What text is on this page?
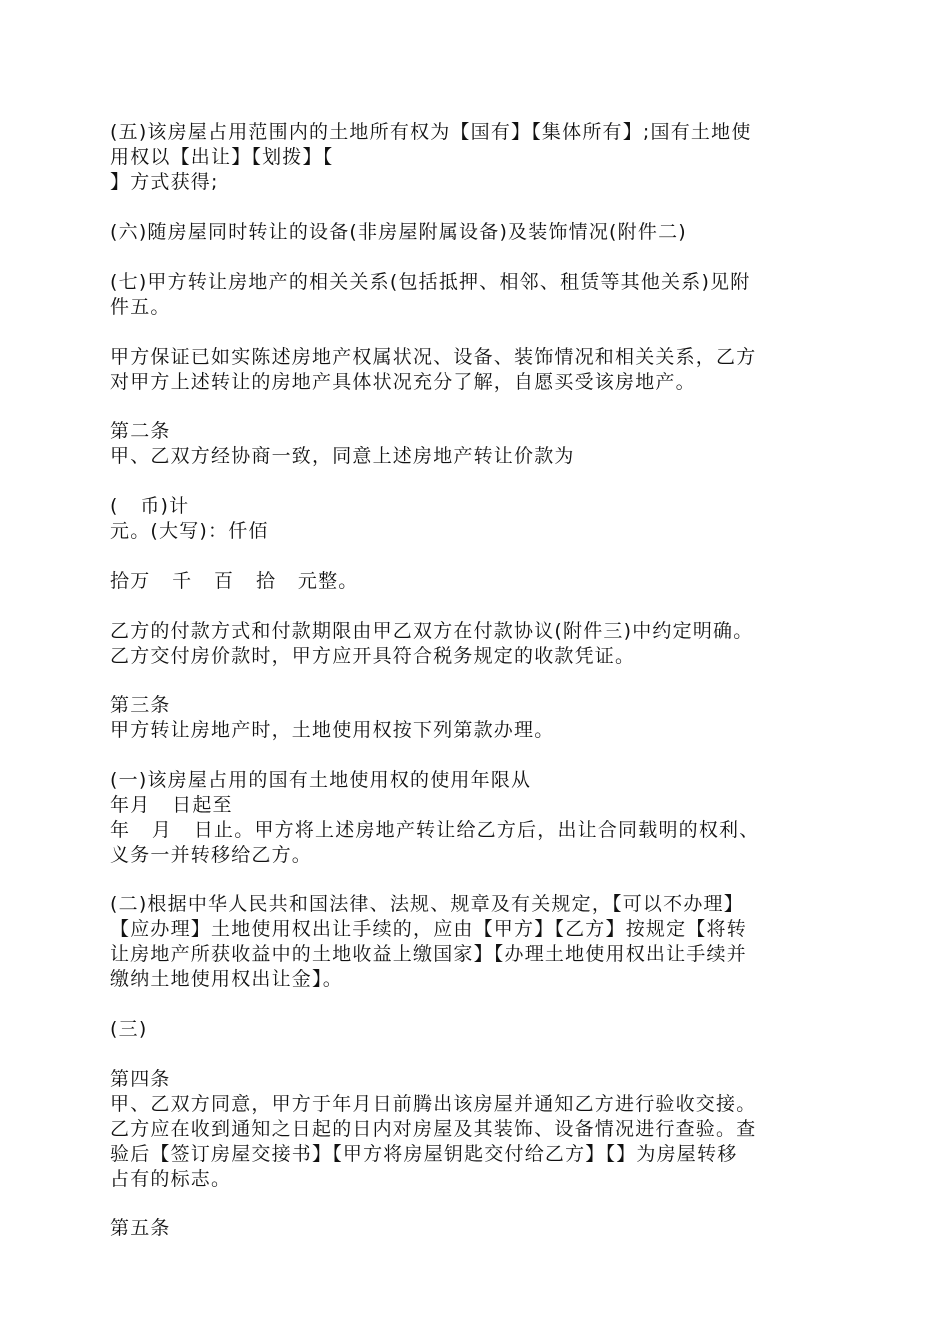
(五)该房屋占用范围内的土地所有权为【国有】【集体所有】;国有土地使
用权以【出让】【划拨】【
】方式获得;
(六)随房屋同时转让的设备(非房屋附属设备)及装饰情况(附件二)
(七)甲方转让房地产的相关关系(包括抵押、相邻、租赁等其他关系)见附
件五。
甲方保证已如实陈述房地产权属状况、设备、装饰情况和相关关系，乙方
对甲方上述转让的房地产具体状况充分了解，自愿买受该房地产。
第二条
甲、乙双方经协商一致，同意上述房地产转让价款为
(   币)计
元。(大写)：仟佰
拾万   千   百   拾   元整。
乙方的付款方式和付款期限由甲乙双方在付款协议(附件三)中约定明确。
乙方交付房价款时，甲方应开具符合税务规定的收款凭证。
第三条
甲方转让房地产时，土地使用权按下列第款办理。
(一)该房屋占用的国有土地使用权的使用年限从
年月   日起至
年   月   日止。甲方将上述房地产转让给乙方后，出让合同载明的权利、
义务一并转移给乙方。
(二)根据中华人民共和国法律、法规、规章及有关规定，【可以不办理】
【应办理】土地使用权出让手续的，应由【甲方】【乙方】按规定【将转
让房地产所获收益中的土地收益上缴国家】【办理土地使用权出让手续并
缴纳土地使用权出让金】。
(三)
第四条
甲、乙双方同意，甲方于年月日前腾出该房屋并通知乙方进行验收交接。
乙方应在收到通知之日起的日内对房屋及其装饰、设备情况进行查验。查
验后【签订房屋交接书】【甲方将房屋钥匙交付给乙方】【】为房屋转移
占有的标志。
第五条
